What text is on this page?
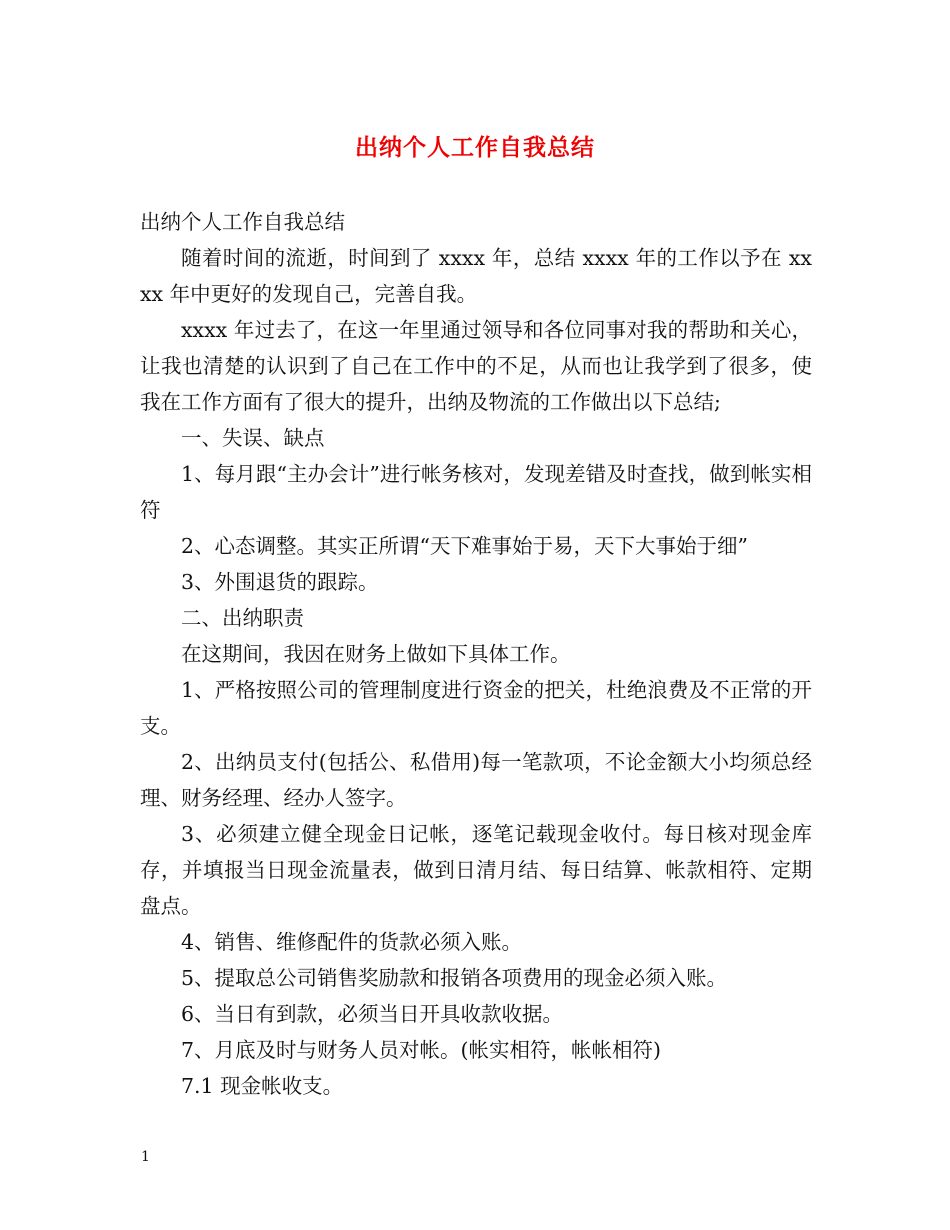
出纳个人工作自我总结

出纳个人工作自我总结

随着时间的流逝，时间到了 xxxx 年，总结 xxxx 年的工作以予在 xxxx 年中更好的发现自己，完善自我。

xxxx 年过去了，在这一年里通过领导和各位同事对我的帮助和关心，让我也清楚的认识到了自己在工作中的不足，从而也让我学到了很多，使我在工作方面有了很大的提升，出纳及物流的工作做出以下总结;

一、失误、缺点

1、每月跟“主办会计”进行帐务核对，发现差错及时查找，做到帐实相符

2、心态调整。其实正所谓“天下难事始于易，天下大事始于细”

3、外围退货的跟踪。

二、出纳职责

在这期间，我因在财务上做如下具体工作。

1、严格按照公司的管理制度进行资金的把关，杜绝浪费及不正常的开支。

2、出纳员支付(包括公、私借用)每一笔款项，不论金额大小均须总经理、财务经理、经办人签字。

3、必须建立健全现金日记帐，逐笔记载现金收付。每日核对现金库存，并填报当日现金流量表，做到日清月结、每日结算、帐款相符、定期盘点。

4、销售、维修配件的货款必须入账。

5、提取总公司销售奖励款和报销各项费用的现金必须入账。

6、当日有到款，必须当日开具收款收据。

7、月底及时与财务人员对帐。(帐实相符，帐帐相符)

7.1 现金帐收支。

1
